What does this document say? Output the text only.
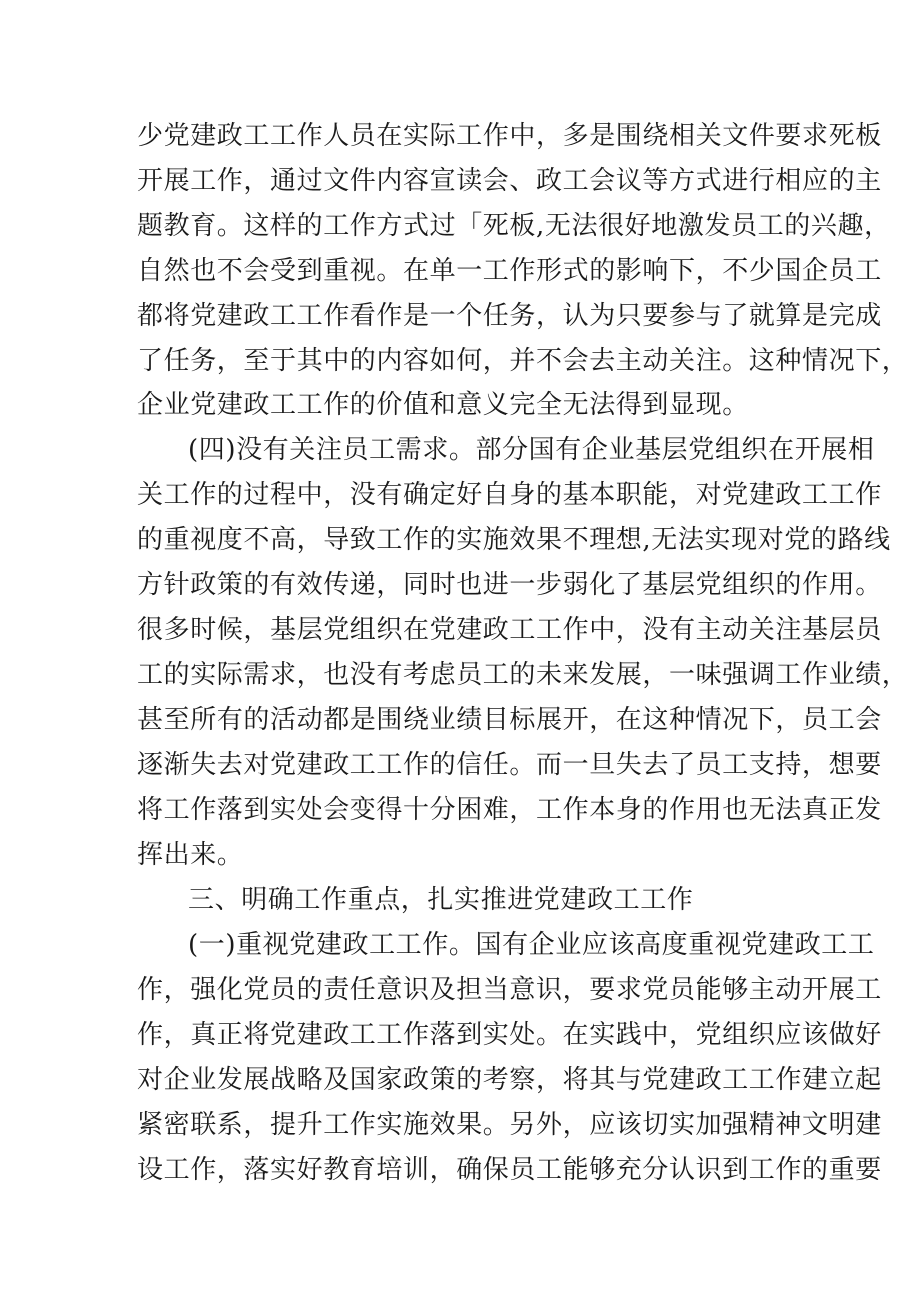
少党建政工工作人员在实际工作中，多是围绕相关文件要求死板
开展工作，通过文件内容宣读会、政工会议等方式进行相应的主
题教育。这样的工作方式过「死板,无法很好地激发员工的兴趣，
自然也不会受到重视。在单一工作形式的影响下，不少国企员工
都将党建政工工作看作是一个任务，认为只要参与了就算是完成
了任务，至于其中的内容如何，并不会去主动关注。这种情况下，
企业党建政工工作的价值和意义完全无法得到显现。
(四)没有关注员工需求。部分国有企业基层党组织在开展相
关工作的过程中，没有确定好自身的基本职能，对党建政工工作
的重视度不高，导致工作的实施效果不理想,无法实现对党的路线
方针政策的有效传递，同时也进一步弱化了基层党组织的作用。
很多时候，基层党组织在党建政工工作中，没有主动关注基层员
工的实际需求，也没有考虑员工的未来发展，一味强调工作业绩，
甚至所有的活动都是围绕业绩目标展开，在这种情况下，员工会
逐渐失去对党建政工工作的信任。而一旦失去了员工支持，想要
将工作落到实处会变得十分困难，工作本身的作用也无法真正发
挥出来。
三、明确工作重点，扎实推进党建政工工作
(一)重视党建政工工作。国有企业应该高度重视党建政工工
作，强化党员的责任意识及担当意识，要求党员能够主动开展工
作，真正将党建政工工作落到实处。在实践中，党组织应该做好
对企业发展战略及国家政策的考察，将其与党建政工工作建立起
紧密联系，提升工作实施效果。另外，应该切实加强精神文明建
设工作，落实好教育培训，确保员工能够充分认识到工作的重要
